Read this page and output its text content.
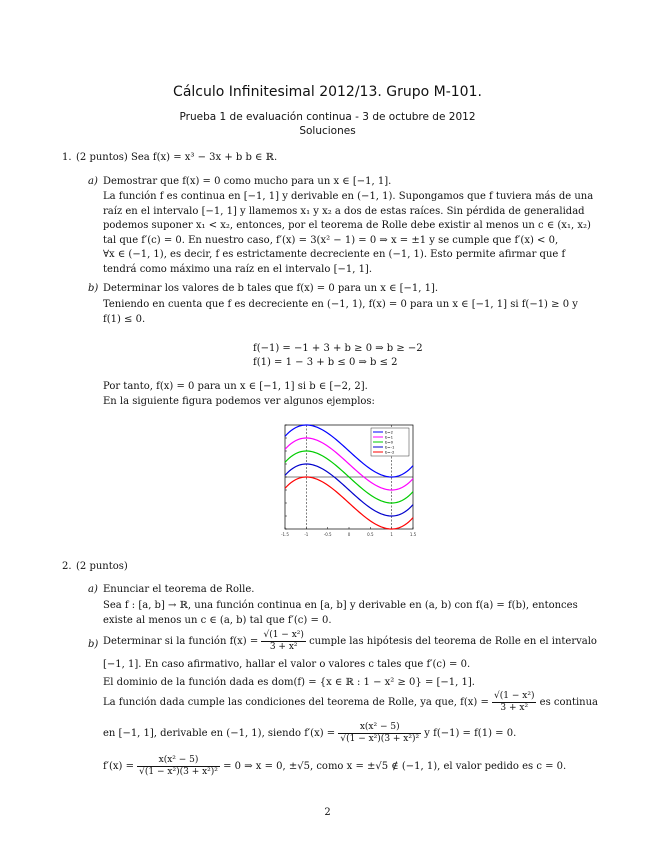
Cálculo Infinitesimal 2012/13. Grupo M-101.
Prueba 1 de evaluación continua - 3 de octubre de 2012
Soluciones
1. (2 puntos) Sea f(x) = x³ − 3x + b b ∈ ℝ.
a) Demostrar que f(x) = 0 como mucho para un x ∈ [−1, 1].
La función f es continua en [−1, 1] y derivable en (−1, 1). Supongamos que f tuviera más de una
raíz en el intervalo [−1, 1] y llamemos x₁ y x₂ a dos de estas raíces. Sin pérdida de generalidad
podemos suponer x₁ < x₂, entonces, por el teorema de Rolle debe existir al menos un c ∈ (x₁, x₂)
tal que f′(c) = 0. En nuestro caso, f′(x) = 3(x² − 1) = 0 ⇒ x = ±1 y se cumple que f′(x) < 0,
∀x ∈ (−1, 1), es decir, f es estrictamente decreciente en (−1, 1). Esto permite afirmar que f
tendrá como máximo una raíz en el intervalo [−1, 1].
b) Determinar los valores de b tales que f(x) = 0 para un x ∈ [−1, 1].
Teniendo en cuenta que f es decreciente en (−1, 1), f(x) = 0 para un x ∈ [−1, 1] si f(−1) ≥ 0 y
f(1) ≤ 0.
f(−1) = −1 + 3 + b ≥ 0 ⇒ b ≥ −2
f(1) = 1 − 3 + b ≤ 0 ⇒ b ≤ 2
Por tanto, f(x) = 0 para un x ∈ [−1, 1] si b ∈ [−2, 2].
En la siguiente figura podemos ver algunos ejemplos:
-1.5	-1	-0.5	0	0.5	1	1.5
b=2
b=1
b=0
b=-1
b=-2
2. (2 puntos)
a) Enunciar el teorema de Rolle.
Sea f : [a, b] → ℝ, una función continua en [a, b] y derivable en (a, b) con f(a) = f(b), entonces
existe al menos un c ∈ (a, b) tal que f′(c) = 0.
b) Determinar si la función $f(x) = \frac{\text{√(1 − x²)}}{\text{3 + x²}}$ cumple las hipótesis del teorema de Rolle en el intervalo
[−1, 1]. En caso afirmativo, hallar el valor o valores c tales que f′(c) = 0.
El dominio de la función dada es dom(f) = {x ∈ ℝ : 1 − x² ≥ 0} = [−1, 1].
La función dada cumple las condiciones del teorema de Rolle, ya que, $f(x) = \frac{\text{√(1 − x²)}}{\text{3 + x²}}$ es continua
en [−1, 1], derivable en (−1, 1), siendo $f'(x) = \frac{\text{x(x² − 5)}}{\text{√(1 − x²)(3 + x²)²}}$ y f(−1) = f(1) = 0.
$f'(x) = \frac{\text{x(x² − 5)}}{\text{√(1 − x²)(3 + x²)²}} = 0$ ⇒ x = 0, ±√5, como x = ±√5 ∉ (−1, 1), el valor pedido es c = 0.
2
